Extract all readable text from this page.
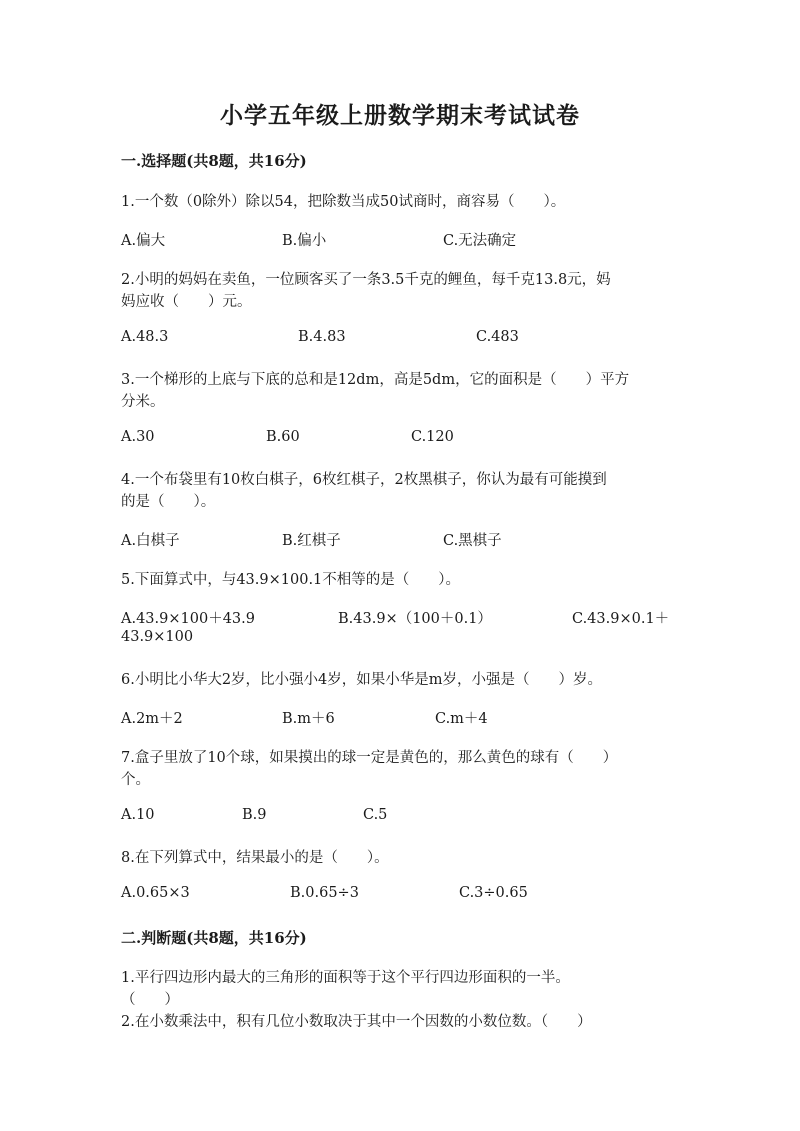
小学五年级上册数学期末考试试卷
一.选择题(共8题，共16分)
1.一个数（0除外）除以54，把除数当成50试商时，商容易（　　）。
A.偏大	B.偏小	C.无法确定
2.小明的妈妈在卖鱼，一位顾客买了一条3.5千克的鲤鱼，每千克13.8元，妈
妈应收（　　）元。
A.48.3	B.4.83	C.483
3.一个梯形的上底与下底的总和是12dm，高是5dm，它的面积是（　　）平方
分米。
A.30	B.60	C.120
4.一个布袋里有10枚白棋子，6枚红棋子，2枚黑棋子，你认为最有可能摸到
的是（　　）。
A.白棋子	B.红棋子	C.黑棋子
5.下面算式中，与43.9×100.1不相等的是（　　）。
A.43.9×100＋43.9	B.43.9×（100＋0.1）	C.43.9×0.1＋
43.9×100
6.小明比小华大2岁，比小强小4岁，如果小华是m岁，小强是（　　）岁。
A.2m＋2	B.m＋6	C.m＋4
7.盒子里放了10个球，如果摸出的球一定是黄色的，那么黄色的球有（　　）
个。
A.10	B.9	C.5
8.在下列算式中，结果最小的是（　　）。
A.0.65×3	B.0.65÷3	C.3÷0.65
二.判断题(共8题，共16分)
1.平行四边形内最大的三角形的面积等于这个平行四边形面积的一半。
（　　）
2.在小数乘法中，积有几位小数取决于其中一个因数的小数位数。（　　）
